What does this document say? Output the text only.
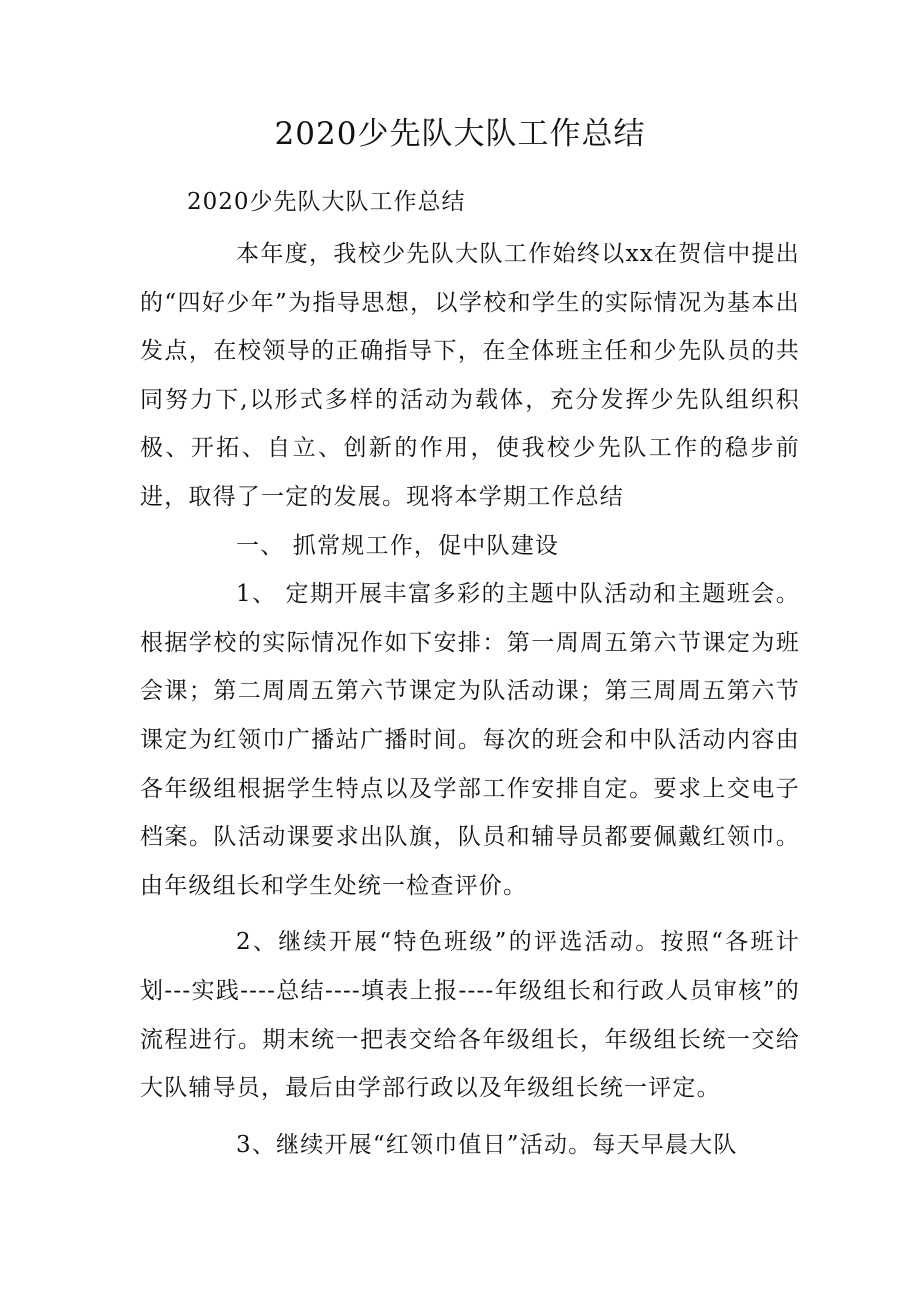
2020少先队大队工作总结

2020少先队大队工作总结

本年度，我校少先队大队工作始终以xx在贺信中提出的“四好少年”为指导思想，以学校和学生的实际情况为基本出发点，在校领导的正确指导下，在全体班主任和少先队员的共同努力下,以形式多样的活动为载体，充分发挥少先队组织积极、开拓、自立、创新的作用，使我校少先队工作的稳步前进，取得了一定的发展。现将本学期工作总结

一、 抓常规工作，促中队建设

1、 定期开展丰富多彩的主题中队活动和主题班会。根据学校的实际情况作如下安排：第一周周五第六节课定为班会课；第二周周五第六节课定为队活动课；第三周周五第六节课定为红领巾广播站广播时间。每次的班会和中队活动内容由各年级组根据学生特点以及学部工作安排自定。要求上交电子档案。队活动课要求出队旗，队员和辅导员都要佩戴红领巾。由年级组长和学生处统一检查评价。

2、继续开展“特色班级”的评选活动。按照“各班计划---实践----总结----填表上报----年级组长和行政人员审核”的流程进行。期末统一把表交给各年级组长，年级组长统一交给大队辅导员，最后由学部行政以及年级组长统一评定。

3、继续开展“红领巾值日”活动。每天早晨大队
